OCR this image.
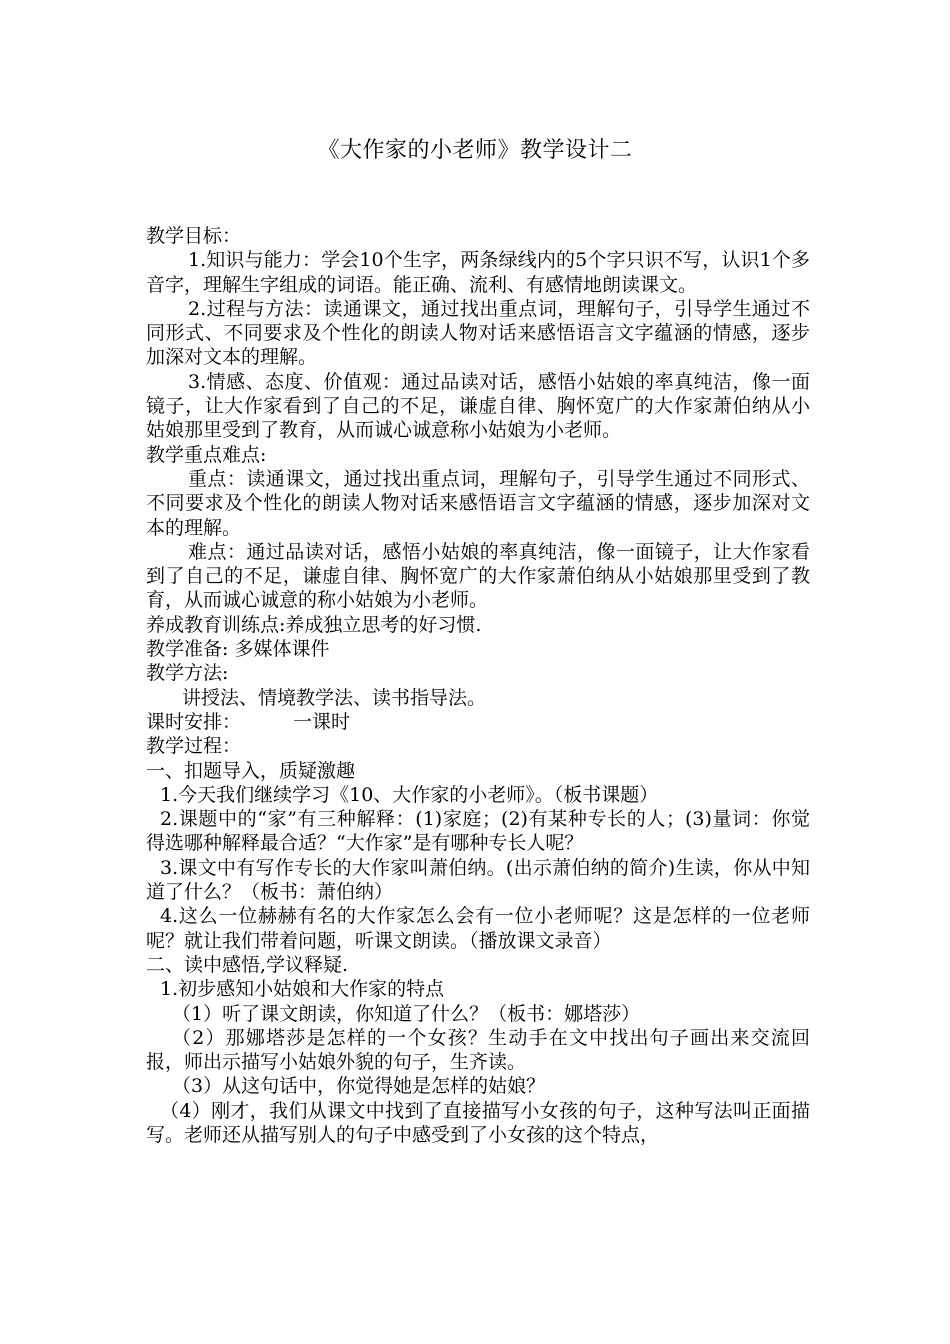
《大作家的小老师》教学设计二

教学目标：

1.知识与能力：学会10个生字，两条绿线内的5个字只识不写，认识1个多音字，理解生字组成的词语。能正确、流利、有感情地朗读课文。

2.过程与方法：读通课文，通过找出重点词，理解句子，引导学生通过不同形式、不同要求及个性化的朗读人物对话来感悟语言文字蕴涵的情感，逐步加深对文本的理解。

3.情感、态度、价值观：通过品读对话，感悟小姑娘的率真纯洁，像一面镜子，让大作家看到了自己的不足，谦虚自律、胸怀宽广的大作家萧伯纳从小姑娘那里受到了教育，从而诚心诚意称小姑娘为小老师。

教学重点难点:

重点：读通课文，通过找出重点词，理解句子，引导学生通过不同形式、不同要求及个性化的朗读人物对话来感悟语言文字蕴涵的情感，逐步加深对文本的理解。

难点：通过品读对话，感悟小姑娘的率真纯洁，像一面镜子，让大作家看到了自己的不足，谦虚自律、胸怀宽广的大作家萧伯纳从小姑娘那里受到了教育，从而诚心诚意的称小姑娘为小老师。

养成教育训练点:养成独立思考的好习惯.

教学准备: 多媒体课件

教学方法:

讲授法、情境教学法、读书指导法。

课时安排：	一课时

教学过程：

一、扣题导入，质疑激趣

1.今天我们继续学习《10、大作家的小老师》。（板书课题）

2.课题中的“家”有三种解释：(1)家庭；(2)有某种专长的人；(3)量词：你觉得选哪种解释最合适？“大作家”是有哪种专长人呢？

3.课文中有写作专长的大作家叫萧伯纳。(出示萧伯纳的简介)生读，你从中知道了什么？（板书：萧伯纳）

4.这么一位赫赫有名的大作家怎么会有一位小老师呢？这是怎样的一位老师呢？就让我们带着问题，听课文朗读。（播放课文录音）

二、读中感悟,学议释疑.

1.初步感知小姑娘和大作家的特点

（1）听了课文朗读，你知道了什么？（板书：娜塔莎）

（2）那娜塔莎是怎样的一个女孩？生动手在文中找出句子画出来交流回报，师出示描写小姑娘外貌的句子，生齐读。

（3）从这句话中，你觉得她是怎样的姑娘？

（4）刚才，我们从课文中找到了直接描写小女孩的句子，这种写法叫正面描写。老师还从描写别人的句子中感受到了小女孩的这个特点，
